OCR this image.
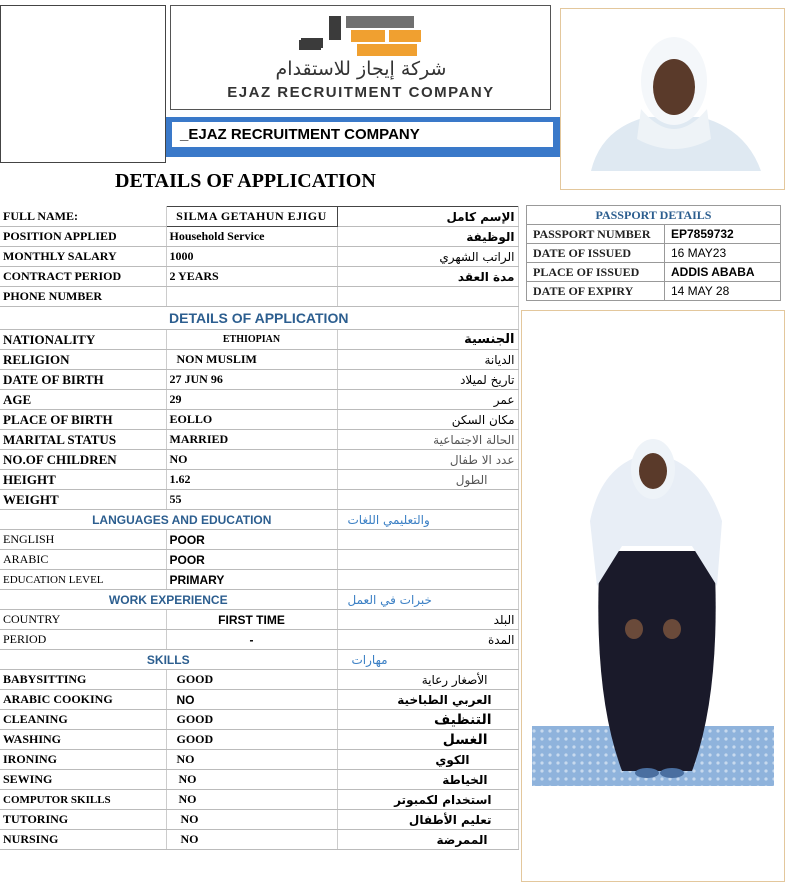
شركة إيجاز للاستقدام
EJAZ RECRUITMENT COMPANY
_EJAZ RECRUITMENT COMPANY
DETAILS OF APPLICATION
FULL NAME:	SILMA GETAHUN EJIGU	الإسم كامل
POSITION APPLIED	Household Service	الوظيفة
MONTHLY SALARY	1000	الراتب الشهري
CONTRACT PERIOD	2 YEARS	مدة العقد
PHONE NUMBER		
DETAILS OF APPLICATION		
NATIONALITY	ETHIOPIAN	الجنسية
RELIGION	NON MUSLIM	الديانة
DATE OF BIRTH	27 JUN 96	تاريخ لميلاد
AGE	29	عمر
PLACE OF BIRTH	EOLLO	مكان السكن
MARITAL STATUS	MARRIED	الحالة الاجتماعية
NO.OF CHILDREN	NO	عدد الا طفال
HEIGHT	1.62	الطول
WEIGHT	55	
LANGUAGES AND EDUCATION		والتعليمي اللغات
ENGLISH	POOR	
ARABIC	POOR	
EDUCATION LEVEL	PRIMARY	
WORK EXPERIENCE		خبرات في العمل
COUNTRY	FIRST TIME	البلد
PERIOD	-	المدة
SKILLS		مهارات
BABYSITTING	GOOD	الأصغار رعاية
ARABIC COOKING	NO	العربي الطباخية
CLEANING	GOOD	التنظيف
WASHING	GOOD	الغسل
IRONING	NO	الكوي
SEWING	NO	الخياطة
COMPUTOR SKILLS	NO	استخدام لكمبوتر
TUTORING	NO	تعليم الأطفال
NURSING	NO	الممرضة
PASSPORT DETAILS	
PASSPORT NUMBER	EP7859732
DATE OF ISSUED	16 MAY23
PLACE OF ISSUED	ADDIS ABABA
DATE OF EXPIRY	14 MAY 28
